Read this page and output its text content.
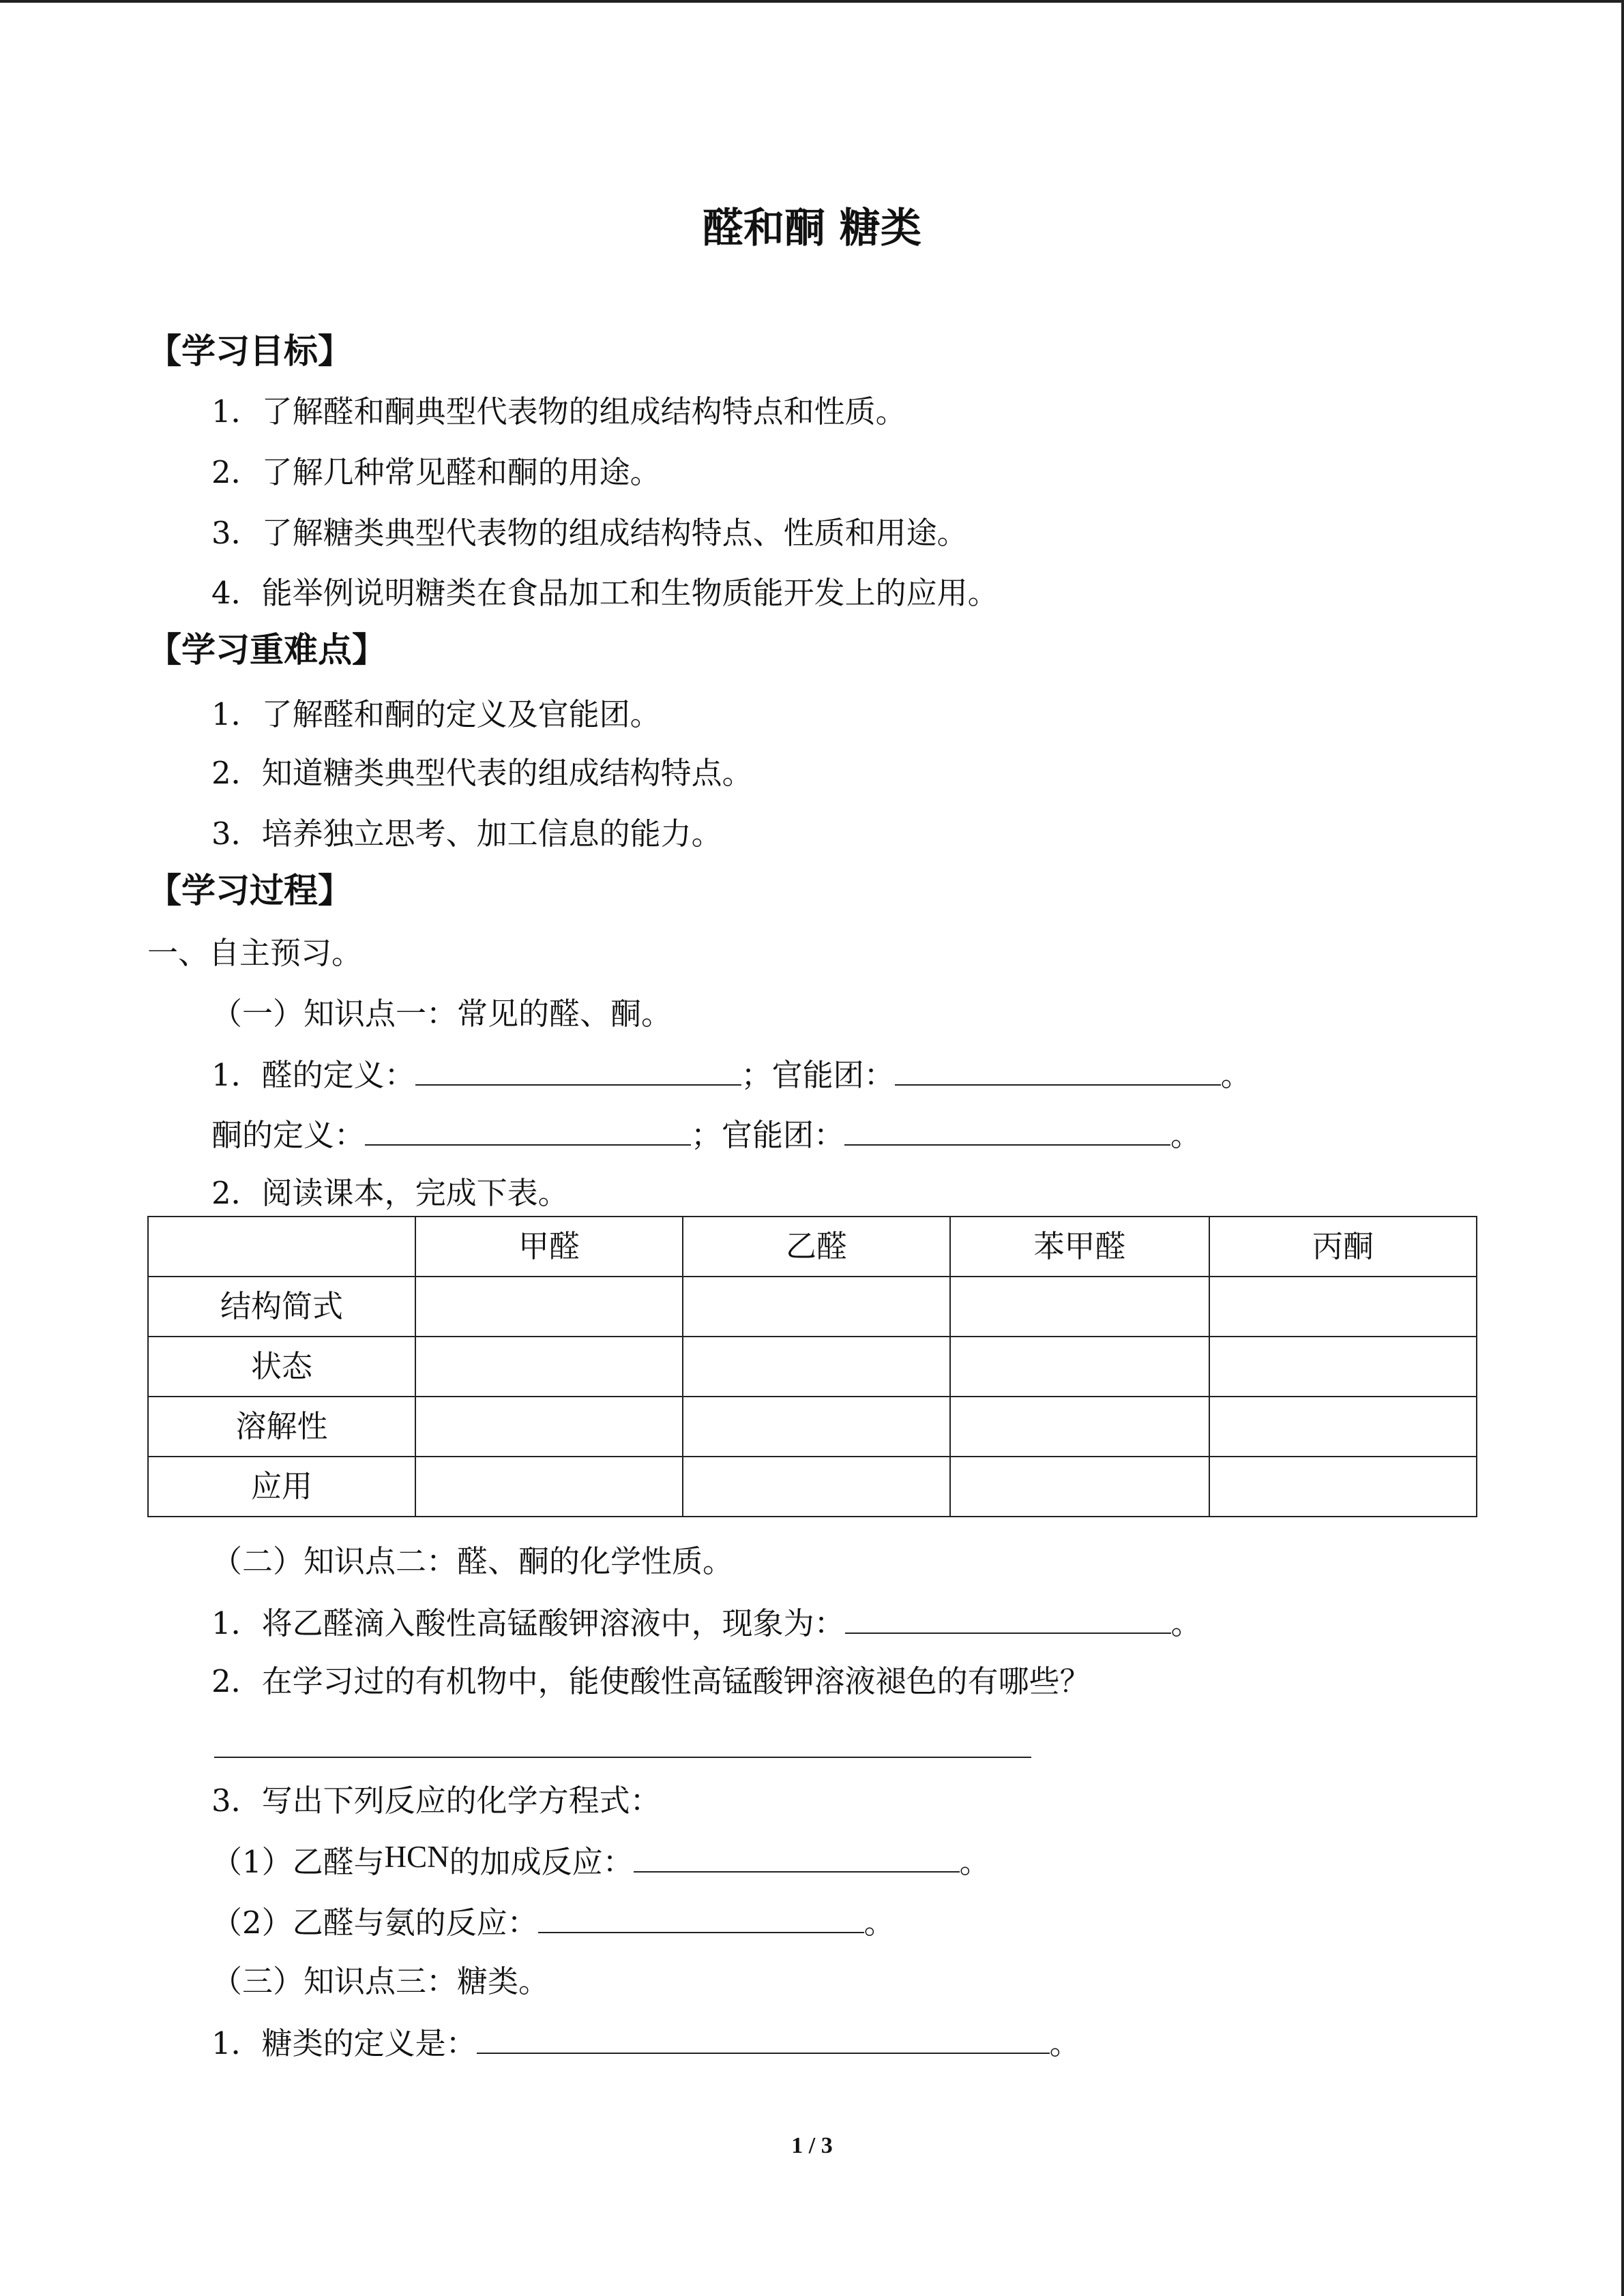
醛和酮 糖类
【学习目标】
1．了解醛和酮典型代表物的组成结构特点和性质。
2．了解几种常见醛和酮的用途。
3．了解糖类典型代表物的组成结构特点、性质和用途。
4．能举例说明糖类在食品加工和生物质能开发上的应用。
【学习重难点】
1．了解醛和酮的定义及官能团。
2．知道糖类典型代表的组成结构特点。
3．培养独立思考、加工信息的能力。
【学习过程】
一、自主预习。
（一）知识点一：常见的醛、酮。
1．醛的定义：	；官能团：	。
酮的定义：	；官能团：	。
2．阅读课本，完成下表。
	甲醛	乙醛	苯甲醛	丙酮
结构简式				
状态				
溶解性				
应用				
（二）知识点二：醛、酮的化学性质。
1．将乙醛滴入酸性高锰酸钾溶液中，现象为：	。
2．在学习过的有机物中，能使酸性高锰酸钾溶液褪色的有哪些？
3．写出下列反应的化学方程式：
（1）乙醛与HCN的加成反应：	。
（2）乙醛与氨的反应：	。
（三）知识点三：糖类。
1．糖类的定义是：	。
1 / 3
